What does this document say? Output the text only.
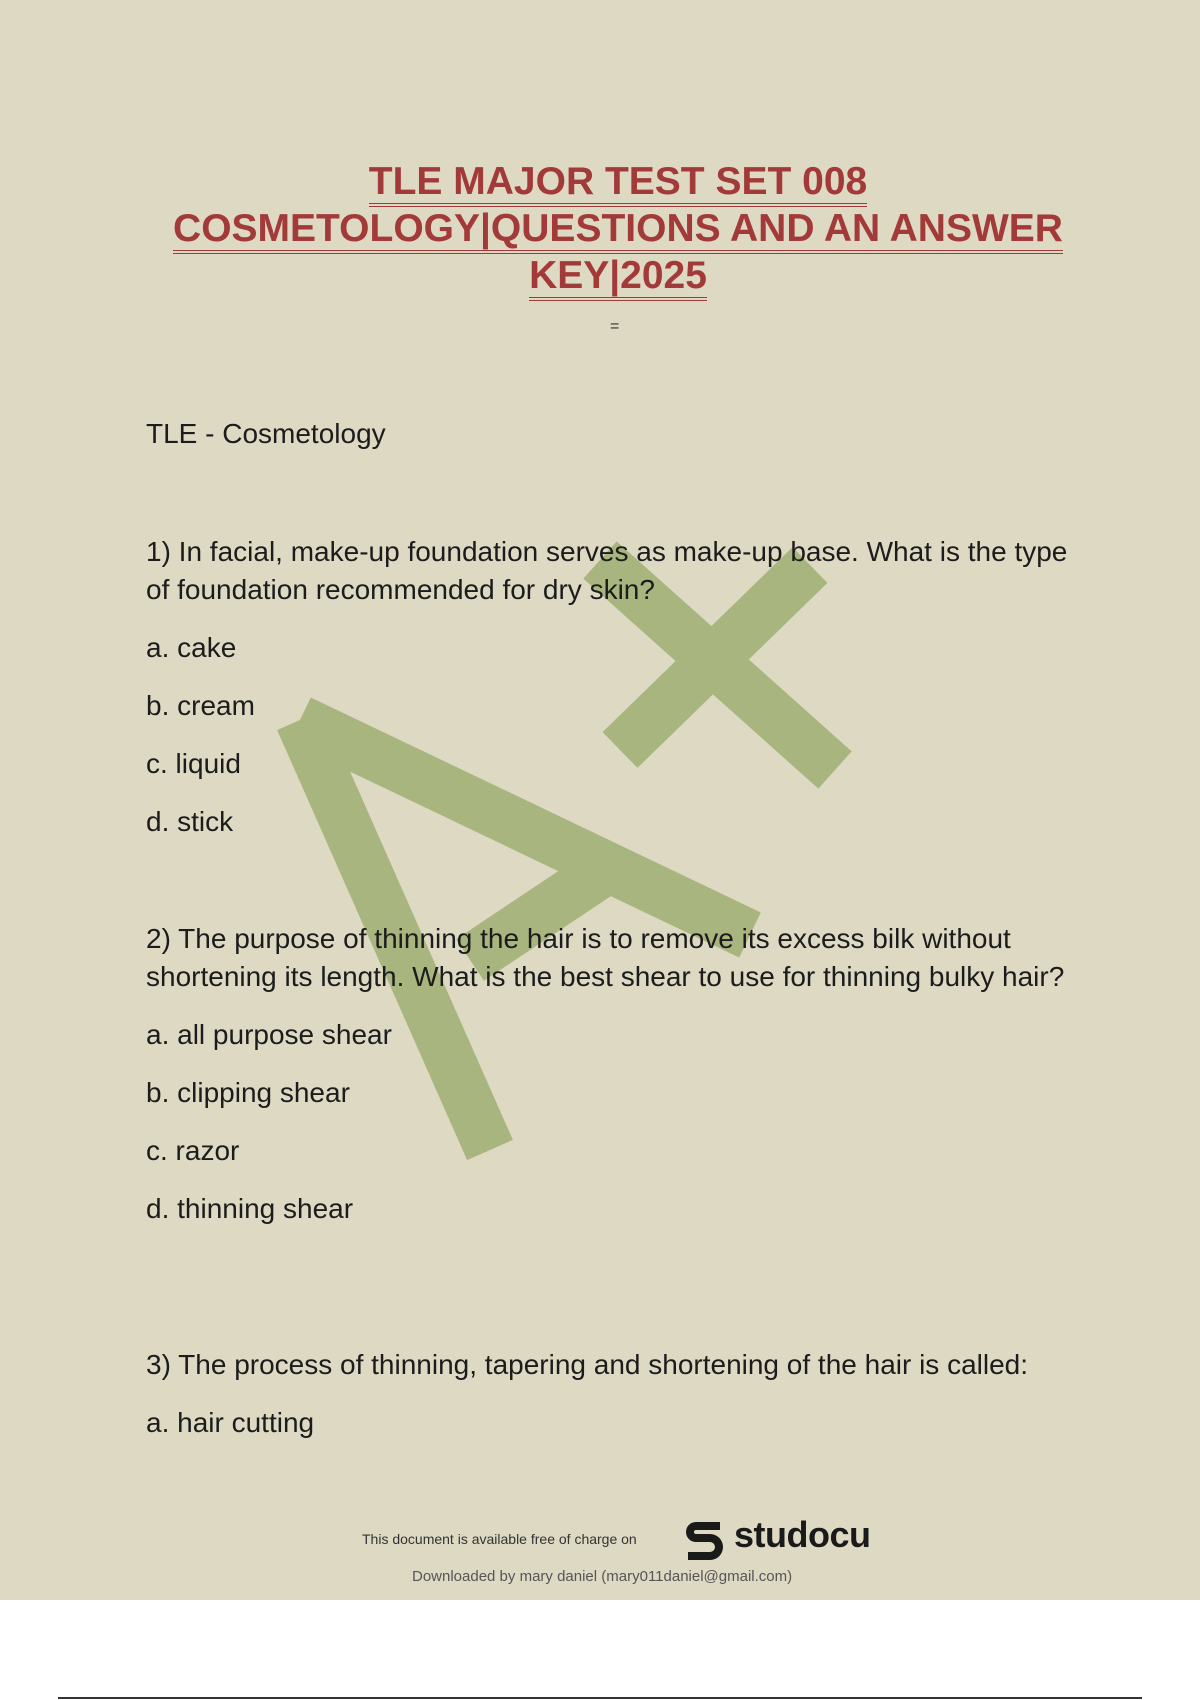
TLE MAJOR TEST SET 008
COSMETOLOGY|QUESTIONS AND AN ANSWER
KEY|2025
=
TLE - Cosmetology

1) In facial, make-up foundation serves as make-up base. What is the type of foundation recommended for dry skin?

a. cake

b. cream

c. liquid

d. stick

2) The purpose of thinning the hair is to remove its excess bilk without shortening its length. What is the best shear to use for thinning bulky hair?

a. all purpose shear

b. clipping shear

c. razor

d. thinning shear

3) The process of thinning, tapering and shortening of the hair is called:

a. hair cutting

This document is available free of charge on	studocu
Downloaded by mary daniel (mary011daniel@gmail.com)
